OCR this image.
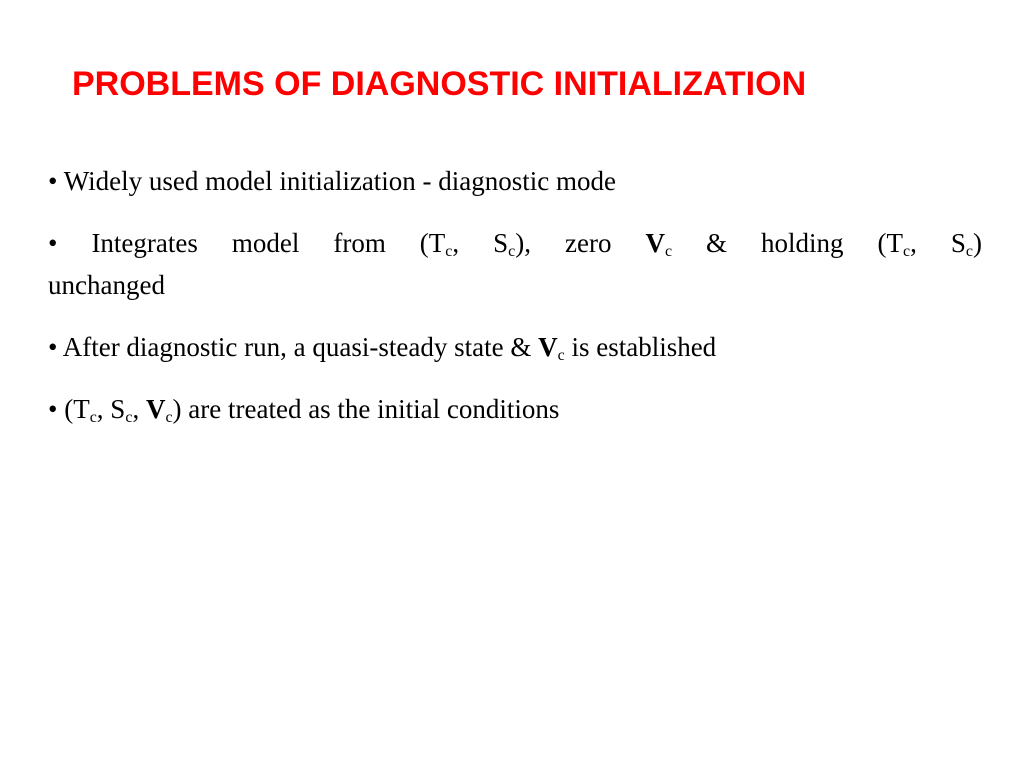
PROBLEMS OF DIAGNOSTIC INITIALIZATION
• Widely used model initialization - diagnostic mode
• Integrates model from ($T_c$, $S_c$), zero $V_c$ & holding ($T_c$, $S_c$)
unchanged
• After diagnostic run, a quasi-steady state & $V_c$ is established
• ($T_c$, $S_c$, $V_c$) are treated as the initial conditions
